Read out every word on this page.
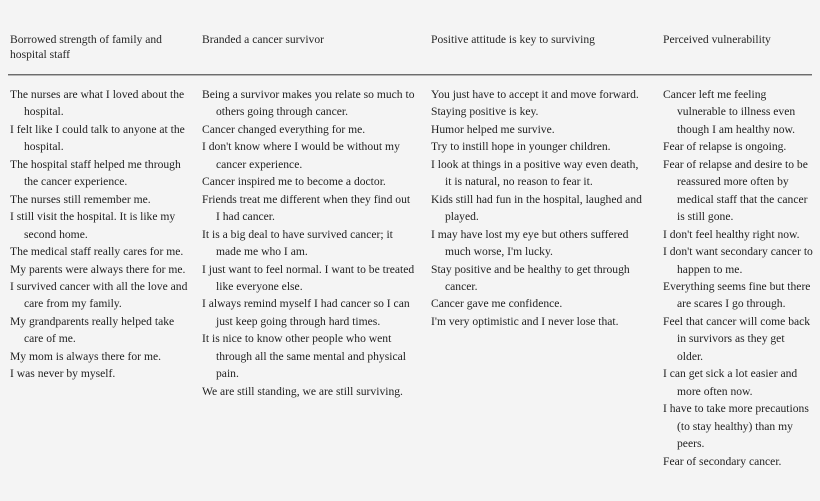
Borrowed strength of family and hospital staff
Branded a cancer survivor	Positive attitude is key to surviving	Perceived vulnerability
The nurses are what I loved about the hospital.
I felt like I could talk to anyone at the hospital.
The hospital staff helped me through the cancer experience.
The nurses still remember me.
I still visit the hospital. It is like my second home.
The medical staff really cares for me.
My parents were always there for me.
I survived cancer with all the love and care from my family.
My grandparents really helped take care of me.
My mom is always there for me.
I was never by myself.
Being a survivor makes you relate so much to others going through cancer.
Cancer changed everything for me.
I don't know where I would be without my cancer experience.
Cancer inspired me to become a doctor.
Friends treat me different when they find out I had cancer.
It is a big deal to have survived cancer; it made me who I am.
I just want to feel normal. I want to be treated like everyone else.
I always remind myself I had cancer so I can just keep going through hard times.
It is nice to know other people who went through all the same mental and physical pain.
We are still standing, we are still surviving.
You just have to accept it and move forward.
Staying positive is key.
Humor helped me survive.
Try to instill hope in younger children.
I look at things in a positive way even death, it is natural, no reason to fear it.
Kids still had fun in the hospital, laughed and played.
I may have lost my eye but others suffered much worse, I'm lucky.
Stay positive and be healthy to get through cancer.
Cancer gave me confidence.
I'm very optimistic and I never lose that.
Cancer left me feeling vulnerable to illness even though I am healthy now.
Fear of relapse is ongoing.
Fear of relapse and desire to be reassured more often by medical staff that the cancer is still gone.
I don't feel healthy right now.
I don't want secondary cancer to happen to me.
Everything seems fine but there are scares I go through.
Feel that cancer will come back in survivors as they get older.
I can get sick a lot easier and more often now.
I have to take more precautions (to stay healthy) than my peers.
Fear of secondary cancer.
